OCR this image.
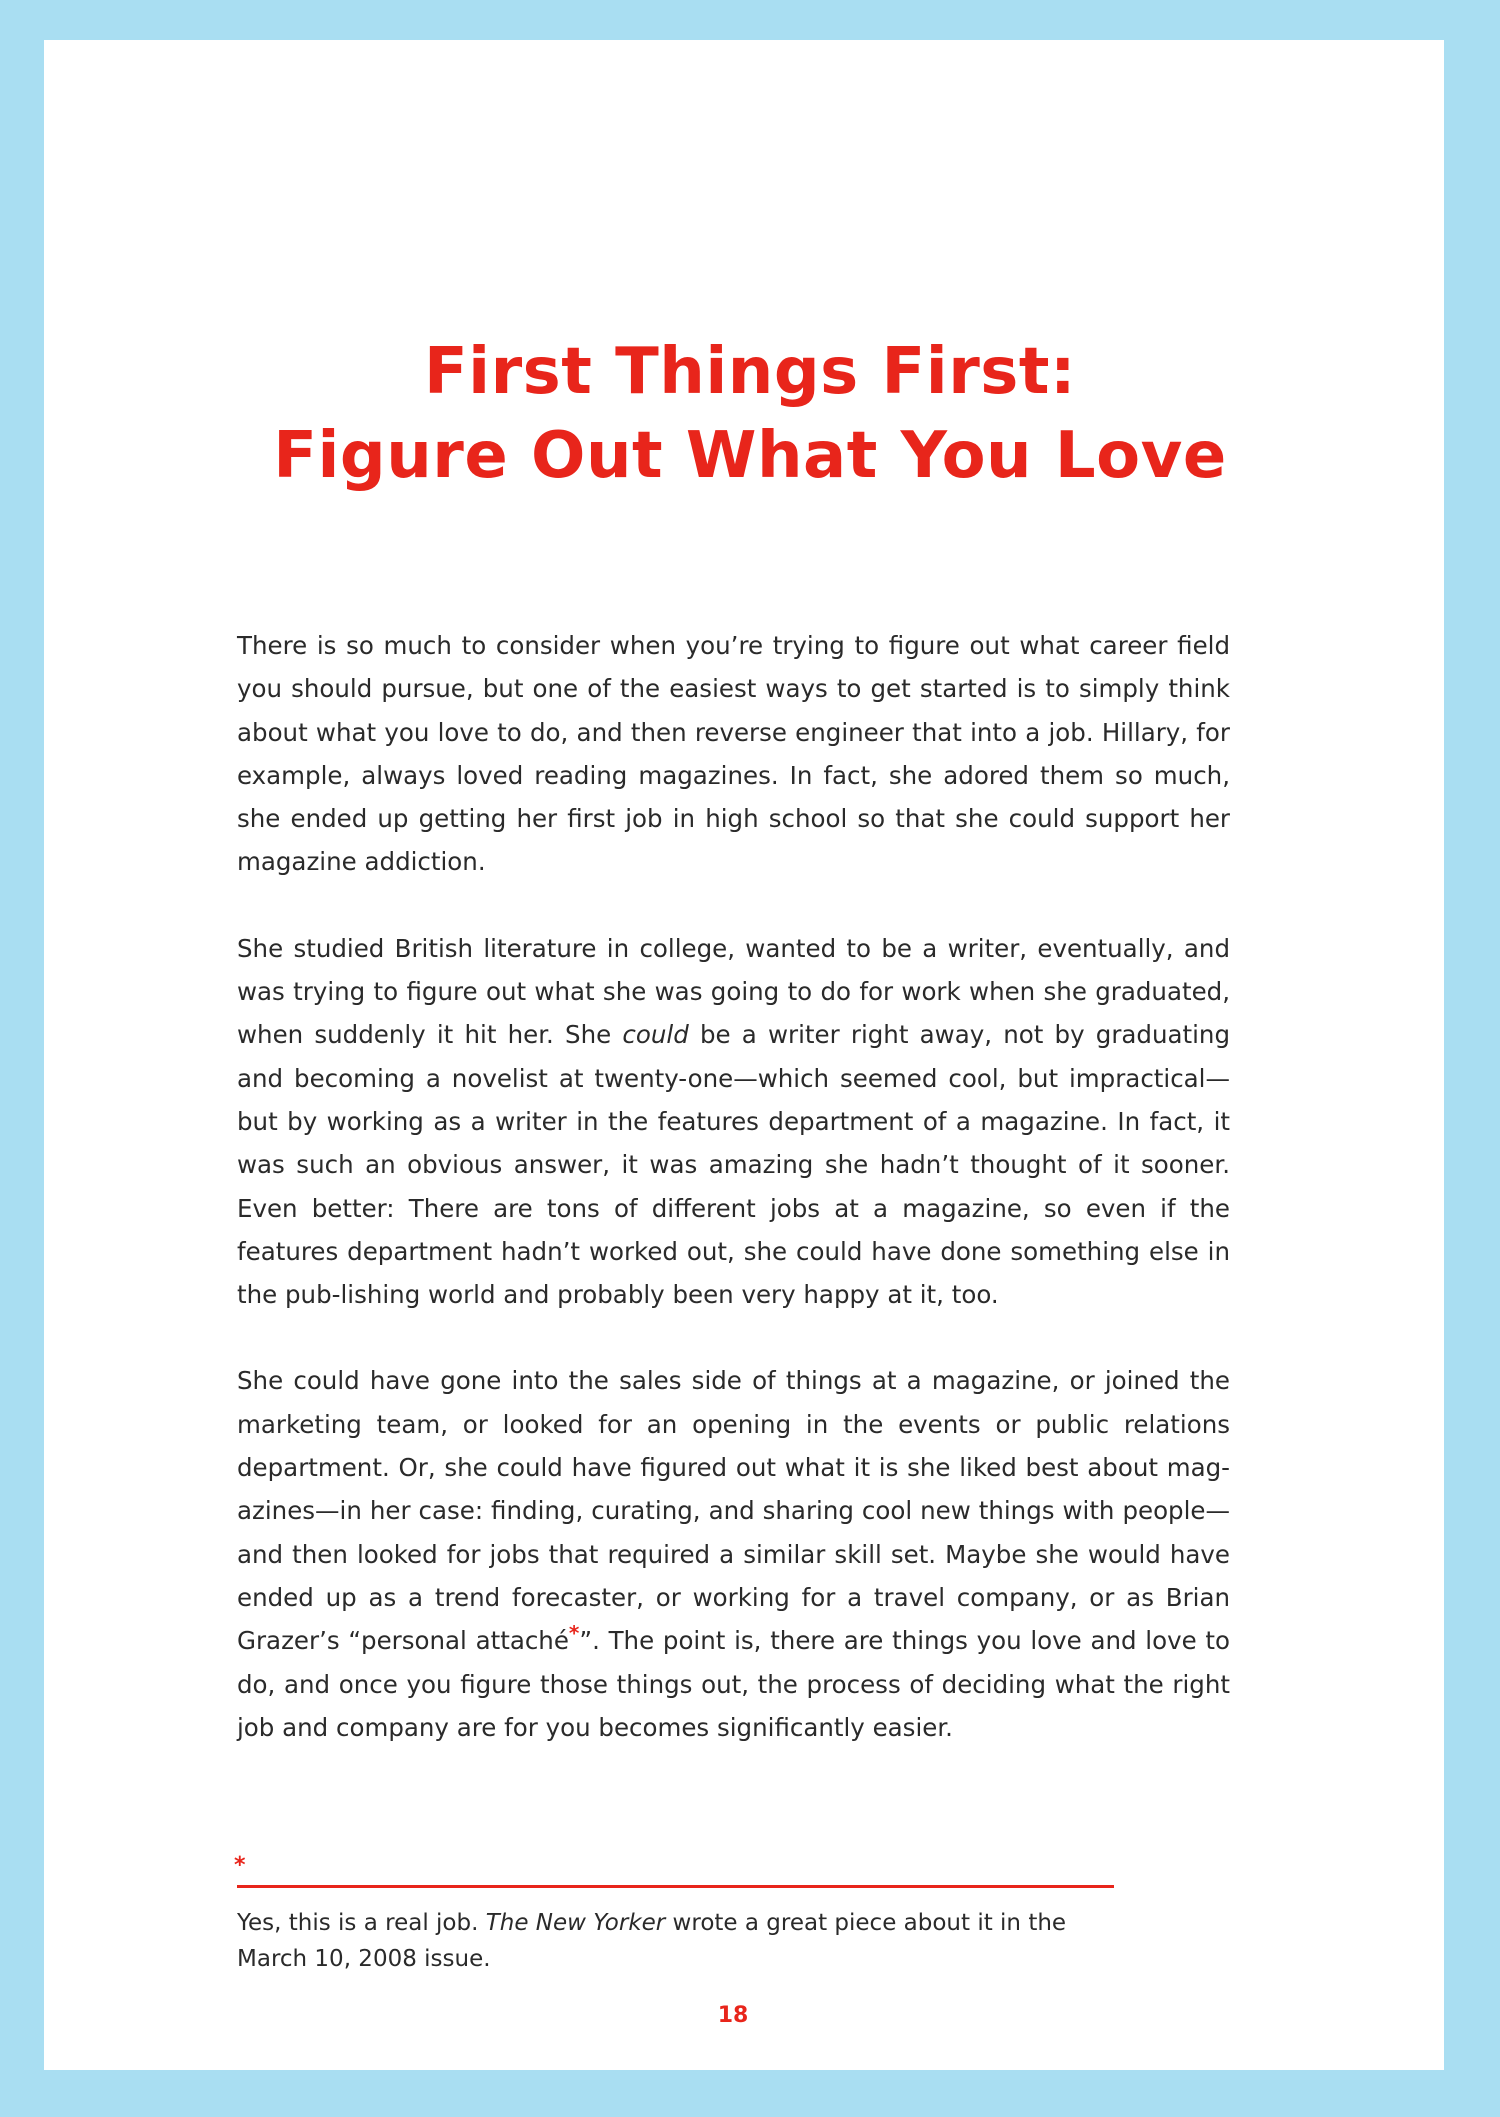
First Things First:
Figure Out What You Love

There is so much to consider when you’re trying to figure out what career field you should pursue, but one of the easiest ways to get started is to simply think about what you love to do, and then reverse engineer that into a job. Hillary, for example, always loved reading magazines. In fact, she adored them so much, she ended up getting her first job in high school so that she could support her magazine addiction.

She studied British literature in college, wanted to be a writer, eventually, and was trying to figure out what she was going to do for work when she graduated, when suddenly it hit her. She could be a writer right away, not by graduating and becoming a novelist at twenty-one—which seemed cool, but impractical—but by working as a writer in the features department of a magazine. In fact, it was such an obvious answer, it was amazing she hadn’t thought of it sooner. Even better: There are tons of different jobs at a magazine, so even if the features department hadn’t worked out, she could have done something else in the pub-lishing world and probably been very happy at it, too.

She could have gone into the sales side of things at a magazine, or joined the marketing team, or looked for an opening in the events or public relations department. Or, she could have figured out what it is she liked best about mag-azines—in her case: finding, curating, and sharing cool new things with people—and then looked for jobs that required a similar skill set. Maybe she would have ended up as a trend forecaster, or working for a travel company, or as Brian Grazer’s “personal attaché*”. The point is, there are things you love and love to do, and once you figure those things out, the process of deciding what the right job and company are for you becomes significantly easier.

*
Yes, this is a real job. The New Yorker wrote a great piece about it in the March 10, 2008 issue.
18
